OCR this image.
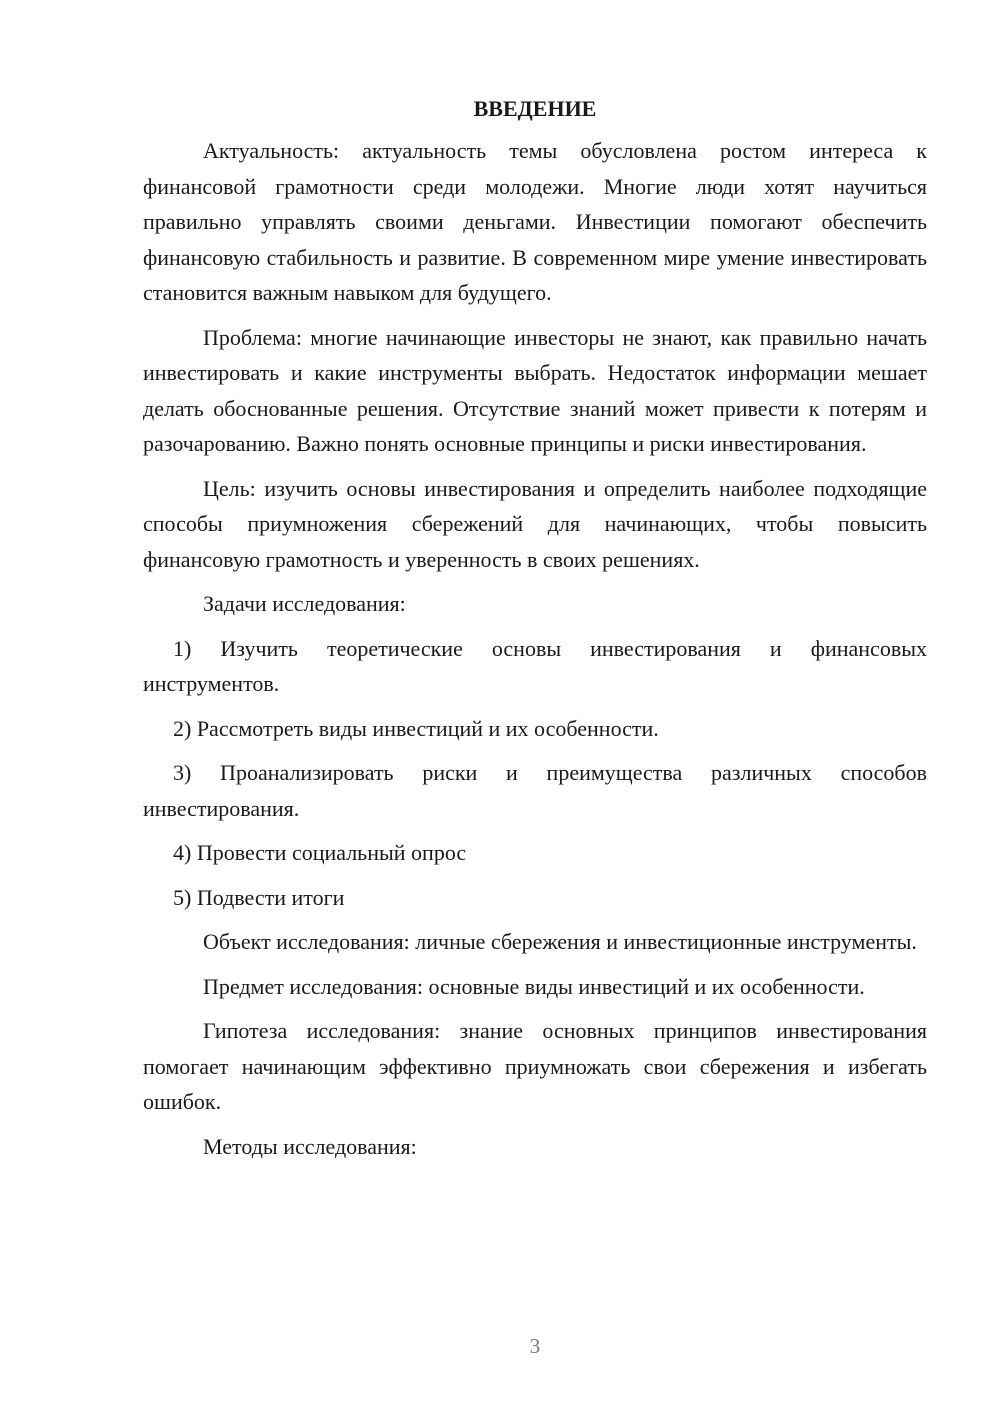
ВВЕДЕНИЕ

Актуальность: актуальность темы обусловлена ростом интереса к финансовой грамотности среди молодежи. Многие люди хотят научиться правильно управлять своими деньгами. Инвестиции помогают обеспечить финансовую стабильность и развитие. В современном мире умение инвестировать становится важным навыком для будущего.

Проблема: многие начинающие инвесторы не знают, как правильно начать инвестировать и какие инструменты выбрать. Недостаток информации мешает делать обоснованные решения. Отсутствие знаний может привести к потерям и разочарованию. Важно понять основные принципы и риски инвестирования.

Цель: изучить основы инвестирования и определить наиболее подходящие способы приумножения сбережений для начинающих, чтобы повысить финансовую грамотность и уверенность в своих решениях.

Задачи исследования:

1) Изучить теоретические основы инвестирования и финансовых инструментов.

2) Рассмотреть виды инвестиций и их особенности.

3) Проанализировать риски и преимущества различных способов инвестирования.

4) Провести социальный опрос

5) Подвести итоги

Объект исследования: личные сбережения и инвестиционные инструменты.

Предмет исследования: основные виды инвестиций и их особенности.

Гипотеза исследования: знание основных принципов инвестирования помогает начинающим эффективно приумножать свои сбережения и избегать ошибок.

Методы исследования:

3
